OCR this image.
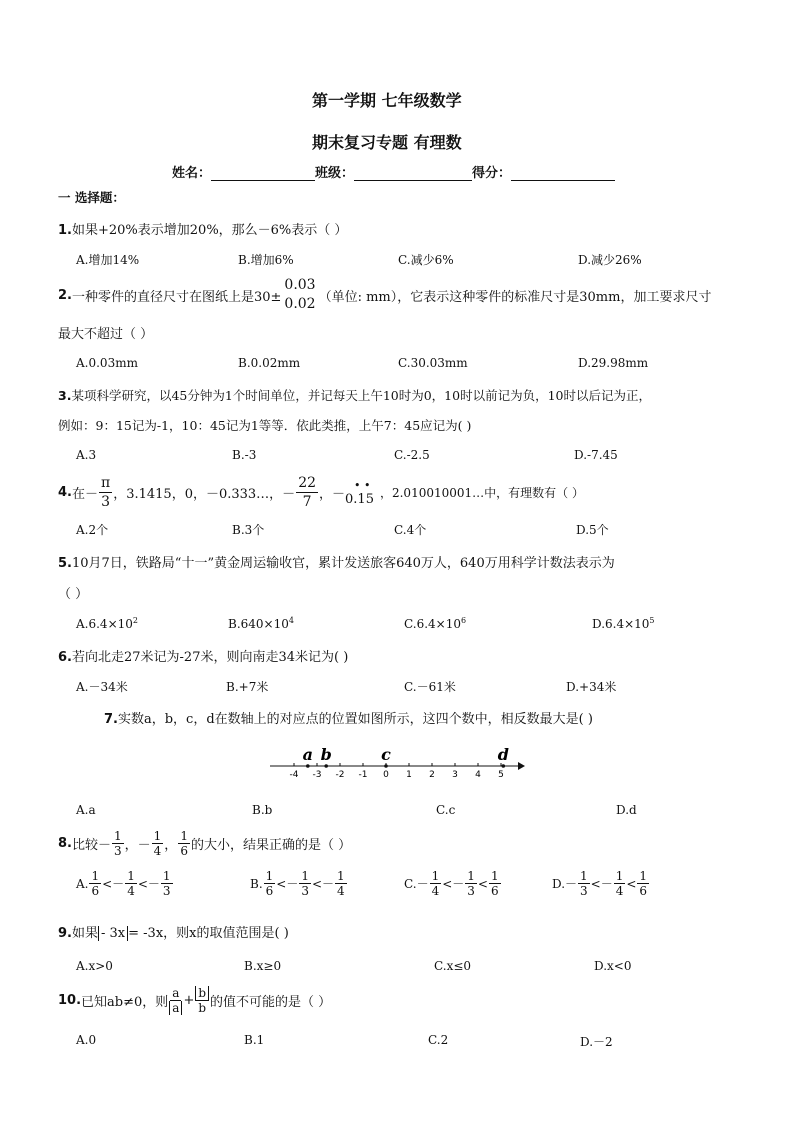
第一学期 七年级数学
期末复习专题 有理数
姓名：	班级：	得分：
一 选择题：
1.如果+20%表示增加20%，那么－6%表示（ ）
A.增加14%	B.增加6%	C.减少6%	D.减少26%
2. 一种零件的直径尺寸在图纸上是30±
0.03
0.02 （单位: mm），它表示这种零件的标准尺寸是30mm，加工要求尺寸
最大不超过（ ）
A.0.03mm	B.0.02mm	C.30.03mm	D.29.98mm
3.某项科学研究，以45分钟为1个时间单位，并记每天上午10时为0，10时以前记为负，10时以后记为正，
例如：9：15记为-1，10：45记为1等等．依此类推，上午7：45应记为( )
A.3	B.-3	C.-2.5	D.-7.45
4. 在－ $\frac{\pi}{3}$ ，3.1415，0，－0.333…，－ $\frac{22}{7}$ ，－
• •
0.15 ，2.010010001…中，有理数有（ ）
A.2个	B.3个	C.4个	D.5个
5.10月7日，铁路局“十一”黄金周运输收官，累计发送旅客640万人，640万用科学计数法表示为
（ ）
$A.6.4\times 10^2$	$B.640\times 10^4$	$C.6.4\times 10^6$	$D.6.4\times 10^5$
6.若向北走27米记为-27米，则向南走34米记为( )
A.－34米	B.+7米	C.－61米	D.+34米
7.实数a，b，c，d在数轴上的对应点的位置如图所示，这四个数中，相反数最大是( )
-4 -3 -2 -1 0 1 2 3 4 5
a b	c	d
A.a	B.b	C.c	D.d
8. 比较－ $\frac{1}{3}$ ，－ $\frac{1}{4}$ ， $\frac{1}{6}$ 的大小，结果正确的是（ ）
A. $\frac{1}{6} <- \frac{1}{4} <- \frac{1}{3}$	B. $\frac{1}{6} <- \frac{1}{3} <- \frac{1}{4}$	$C.- \frac{1}{4} <- \frac{1}{3} < \frac{1}{6}$	$D.- \frac{1}{3} <- \frac{1}{4} < \frac{1}{6}$
9.如果 - 3x = -3x，则x的取值范围是( )
A.x>0	B.x≥0	C.x≤0	D.x<0
10. 已知ab≠0，则 $\frac{a}{a} + \frac{b}{b}$ 的值不可能的是（ ）
A.0	B.1	C.2	D.－2
